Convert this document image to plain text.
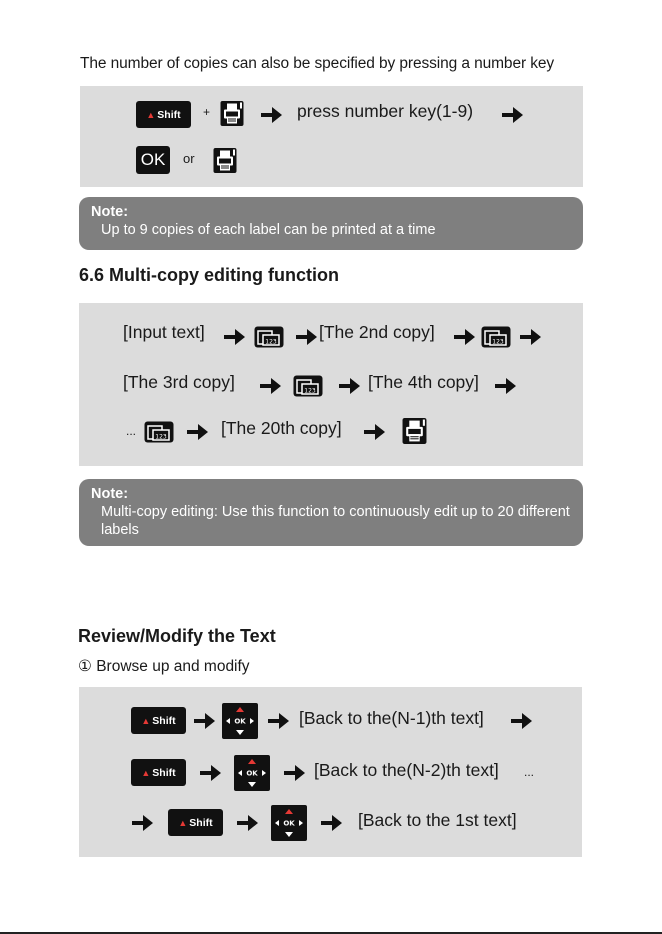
The number of copies can also be specified by pressing a number key
▲ Shift +	press number key(1-9)
OK	or
Note:
Up to 9 copies of each label can be printed at a time
6.6 Multi-copy editing function
[Input text]	[The 2nd copy]
[The 3rd copy]	[The 4th copy]
...	[The 20th copy]
Note:
Multi-copy editing: Use this function to continuously edit up to 20 different labels
Review/Modify the Text
① Browse up and modify
▲ Shift	[Back to the(N-1)th text]
▲ Shift	[Back to the(N-2)th text] ...
▲ Shift	[Back to the 1st text]
